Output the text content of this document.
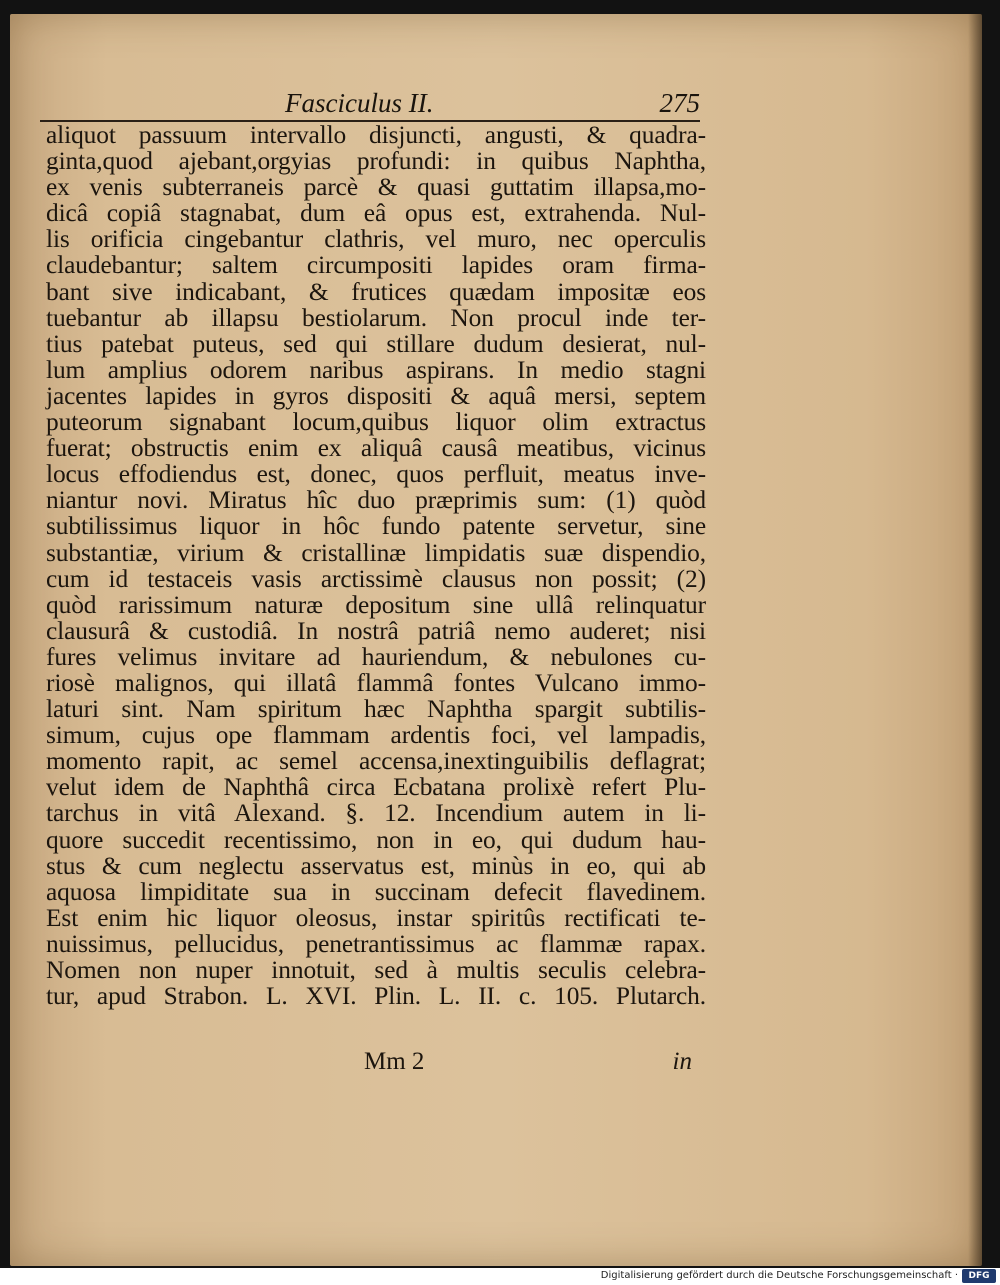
Fasciculus II.	275
aliquot passuum intervallo disjuncti, angusti, & quadra-
ginta,quod ajebant,orgyias profundi: in quibus Naphtha,
ex venis subterraneis parcè & quasi guttatim illapsa,mo-
dicâ copiâ stagnabat, dum eâ opus est, extrahenda. Nul-
lis orificia cingebantur clathris, vel muro, nec operculis
claudebantur; saltem circumpositi lapides oram firma-
bant sive indicabant, & frutices quædam impositæ eos
tuebantur ab illapsu bestiolarum. Non procul inde ter-
tius patebat puteus, sed qui stillare dudum desierat, nul-
lum amplius odorem naribus aspirans. In medio stagni
jacentes lapides in gyros dispositi & aquâ mersi, septem
puteorum signabant locum,quibus liquor olim extractus
fuerat; obstructis enim ex aliquâ causâ meatibus, vicinus
locus effodiendus est, donec, quos perfluit, meatus inve-
niantur novi. Miratus hîc duo præprimis sum: (1) quòd
subtilissimus liquor in hôc fundo patente servetur, sine
substantiæ, virium & cristallinæ limpidatis suæ dispendio,
cum id testaceis vasis arctissimè clausus non possit; (2)
quòd rarissimum naturæ depositum sine ullâ relinquatur
clausurâ & custodiâ. In nostrâ patriâ nemo auderet; nisi
fures velimus invitare ad hauriendum, & nebulones cu-
riosè malignos, qui illatâ flammâ fontes Vulcano immo-
laturi sint. Nam spiritum hæc Naphtha spargit subtilis-
simum, cujus ope flammam ardentis foci, vel lampadis,
momento rapit, ac semel accensa,inextinguibilis deflagrat;
velut idem de Naphthâ circa Ecbatana prolixè refert Plu-
tarchus in vitâ Alexand. §. 12. Incendium autem in li-
quore succedit recentissimo, non in eo, qui dudum hau-
stus & cum neglectu asservatus est, minùs in eo, qui ab
aquosa limpiditate sua in succinam defecit flavedinem.
Est enim hic liquor oleosus, instar spiritûs rectificati te-
nuissimus, pellucidus, penetrantissimus ac flammæ rapax.
Nomen non nuper innotuit, sed à multis seculis celebra-
tur, apud Strabon. L. XVI. Plin. L. II. c. 105. Plutarch.
Mm 2	in
Digitalisierung gefördert durch die Deutsche Forschungsgemeinschaft ·	DFG
